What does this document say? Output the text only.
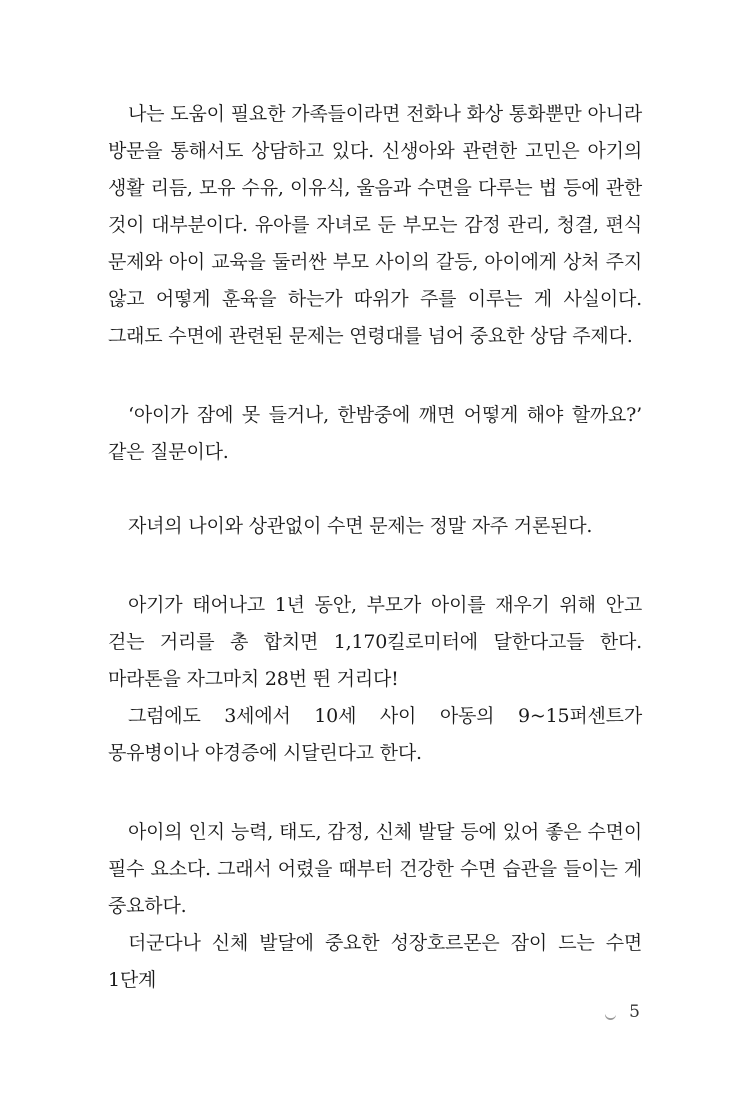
나는 도움이 필요한 가족들이라면 전화나 화상 통화뿐만 아니라 방문을 통해서도 상담하고 있다. 신생아와 관련한 고민은 아기의 생활 리듬, 모유 수유, 이유식, 울음과 수면을 다루는 법 등에 관한 것이 대부분이다. 유아를 자녀로 둔 부모는 감정 관리, 청결, 편식 문제와 아이 교육을 둘러싼 부모 사이의 갈등, 아이에게 상처 주지 않고 어떻게 훈육을 하는가 따위가 주를 이루는 게 사실이다. 그래도 수면에 관련된 문제는 연령대를 넘어 중요한 상담 주제다.

‘아이가 잠에 못 들거나, 한밤중에 깨면 어떻게 해야 할까요?’ 같은 질문이다.

자녀의 나이와 상관없이 수면 문제는 정말 자주 거론된다.

아기가 태어나고 1년 동안, 부모가 아이를 재우기 위해 안고 걷는 거리를 총 합치면 1,170킬로미터에 달한다고들 한다. 마라톤을 자그마치 28번 뛴 거리다!

그럼에도 3세에서 10세 사이 아동의 9~15퍼센트가 몽유병이나 야경증에 시달린다고 한다.

아이의 인지 능력, 태도, 감정, 신체 발달 등에 있어 좋은 수면이 필수 요소다. 그래서 어렸을 때부터 건강한 수면 습관을 들이는 게 중요하다.

더군다나 신체 발달에 중요한 성장호르몬은 잠이 드는 수면 1단계

5
